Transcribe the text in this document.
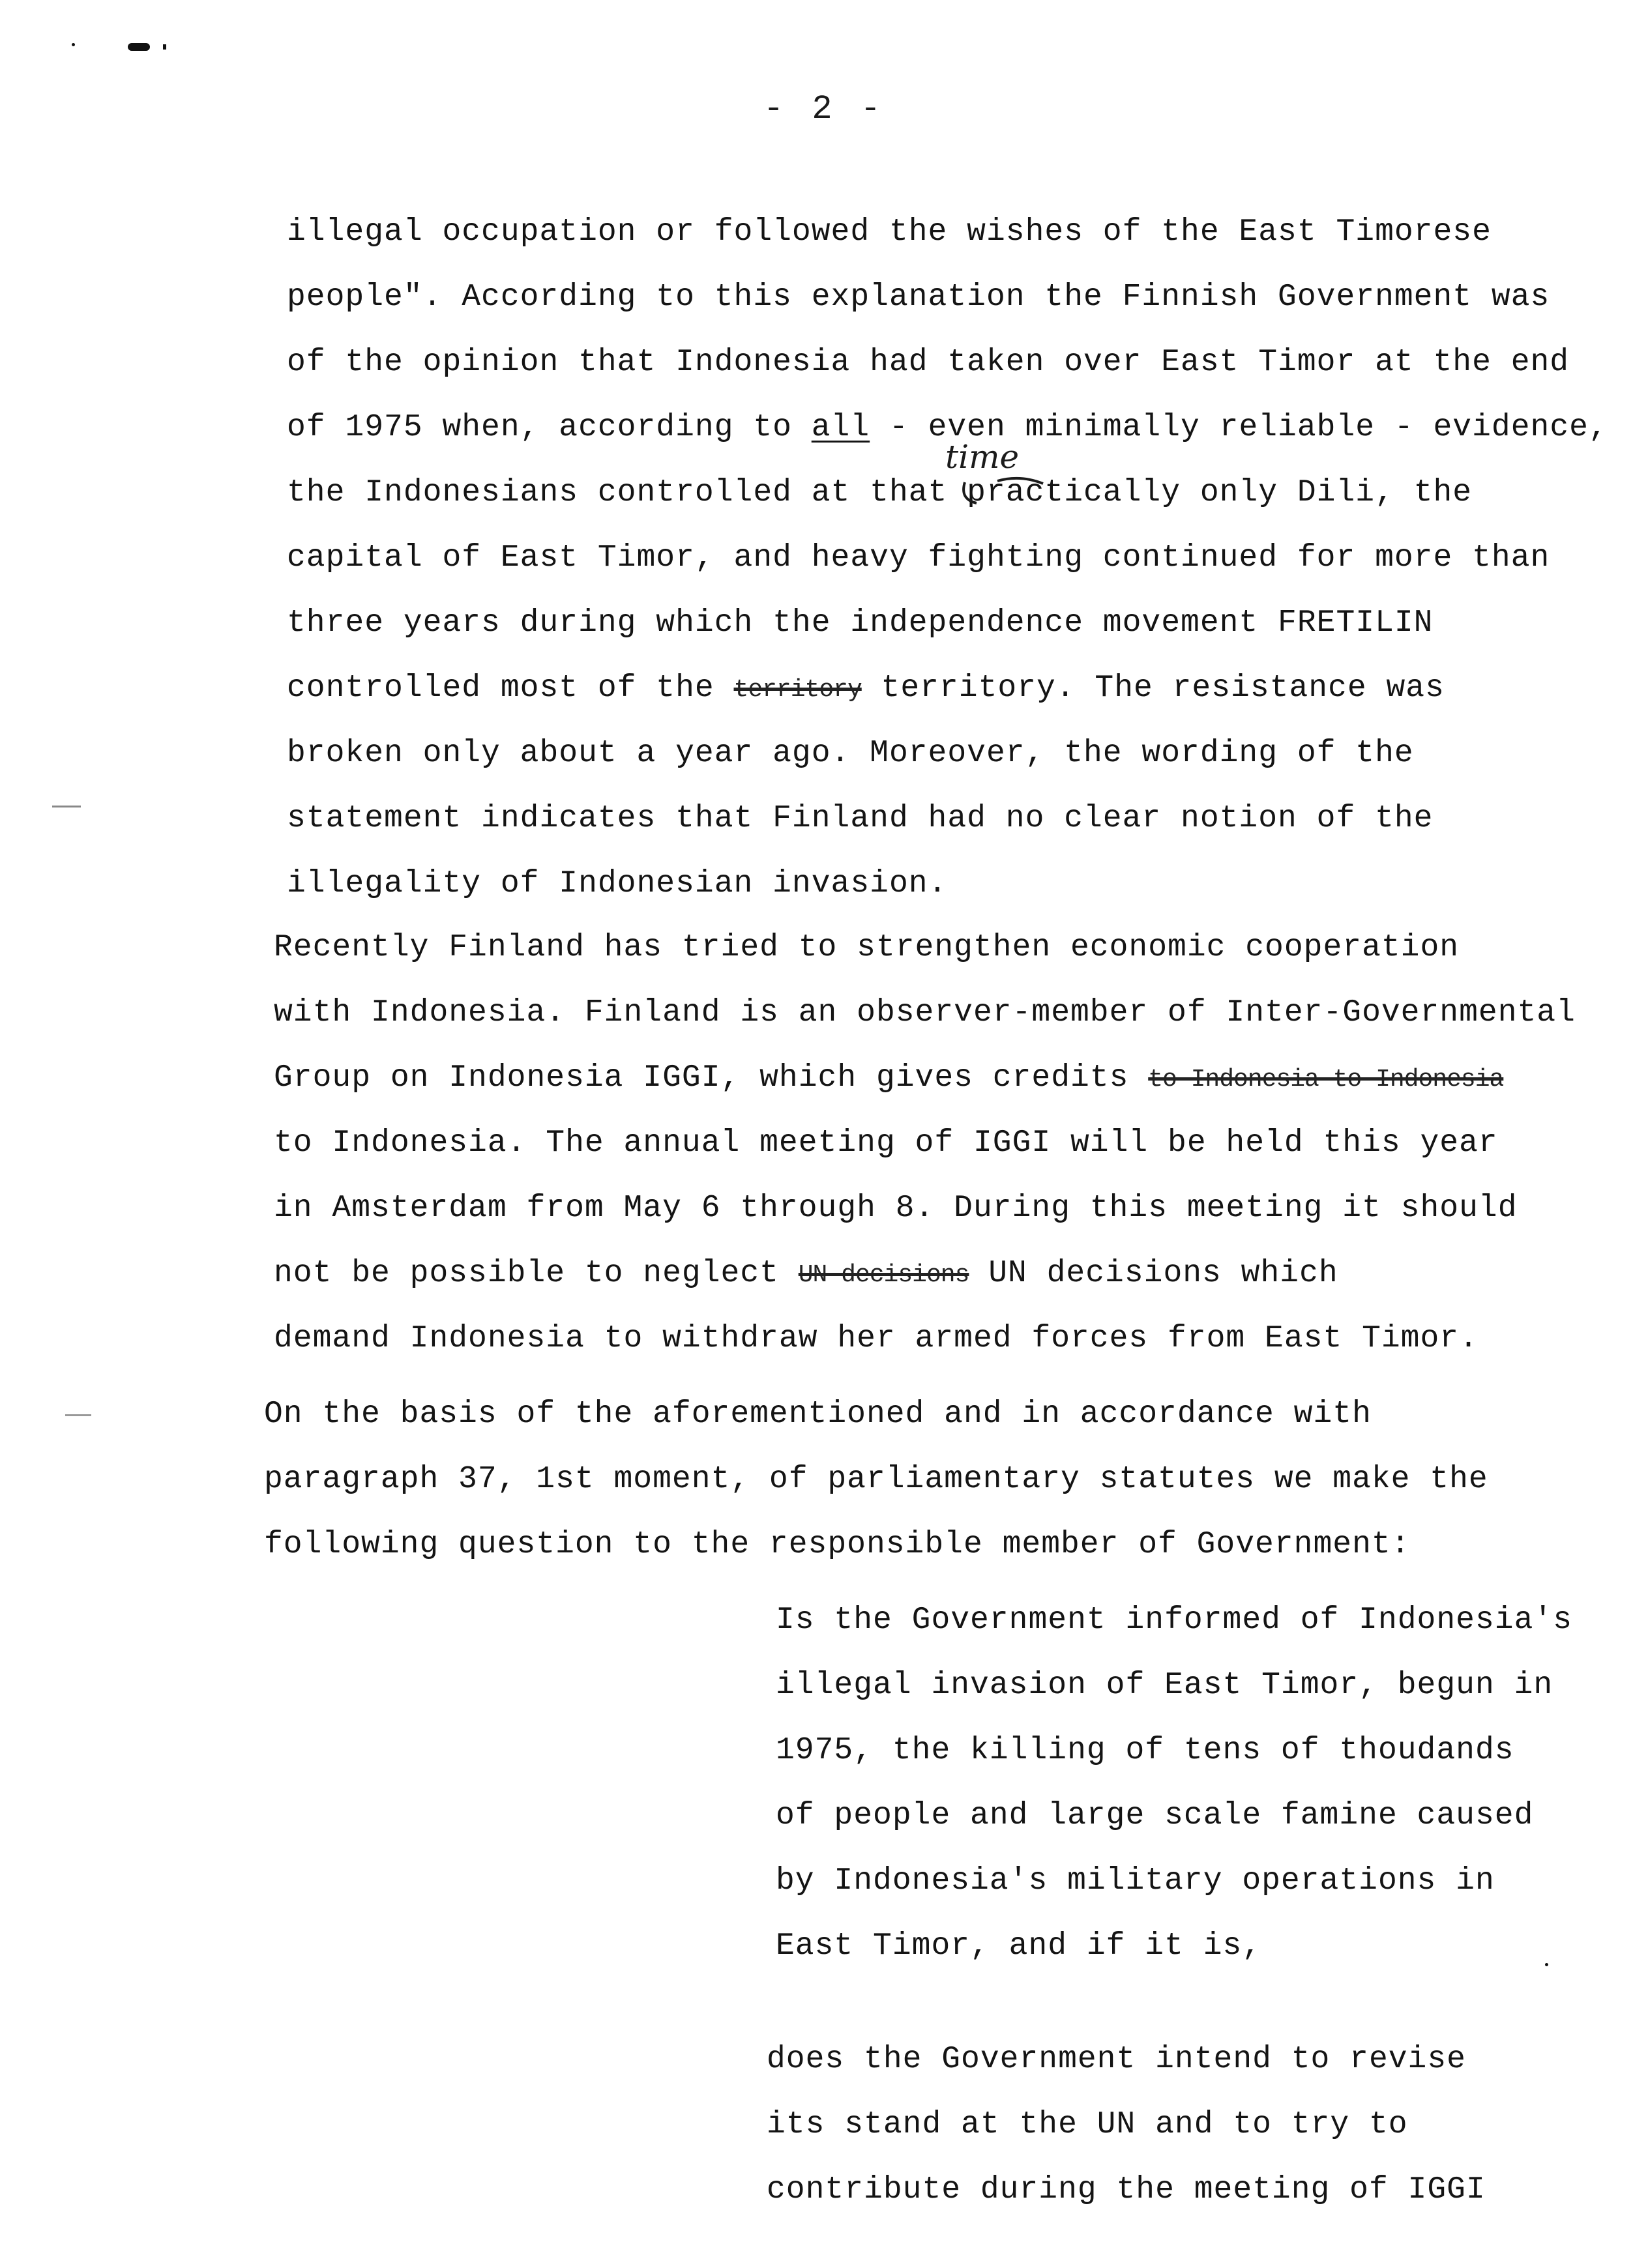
- 2 -
illegal occupation or followed the wishes of the East Timorese
people". According to this explanation the Finnish Government was
of the opinion that Indonesia had taken over East Timor at the end
of 1975 when, according to all - even minimally reliable - evidence,
the Indonesians controlled at that practically only Dili, the
capital of East Timor, and heavy fighting continued for more than
three years during which the independence movement FRETILIN
controlled most of the territory territory. The resistance was
broken only about a year ago. Moreover, the wording of the
statement indicates that Finland had no clear notion of the
illegality of Indonesian invasion.
time
Recently Finland has tried to strengthen economic cooperation
with Indonesia. Finland is an observer-member of Inter-Governmental
Group on Indonesia IGGI, which gives credits to Indonesia to Indonesia
to Indonesia. The annual meeting of IGGI will be held this year
in Amsterdam from May 6 through 8. During this meeting it should
not be possible to neglect UN decisions UN decisions which
demand Indonesia to withdraw her armed forces from East Timor.
On the basis of the aforementioned and in accordance with
paragraph 37, 1st moment, of parliamentary statutes we make the
following question to the responsible member of Government:
Is the Government informed of Indonesia's
illegal invasion of East Timor, begun in
1975, the killing of tens of thoudands
of people and large scale famine caused
by Indonesia's military operations in
East Timor, and if it is,
does the Government intend to revise
its stand at the UN and to try to
contribute during the meeting of IGGI
